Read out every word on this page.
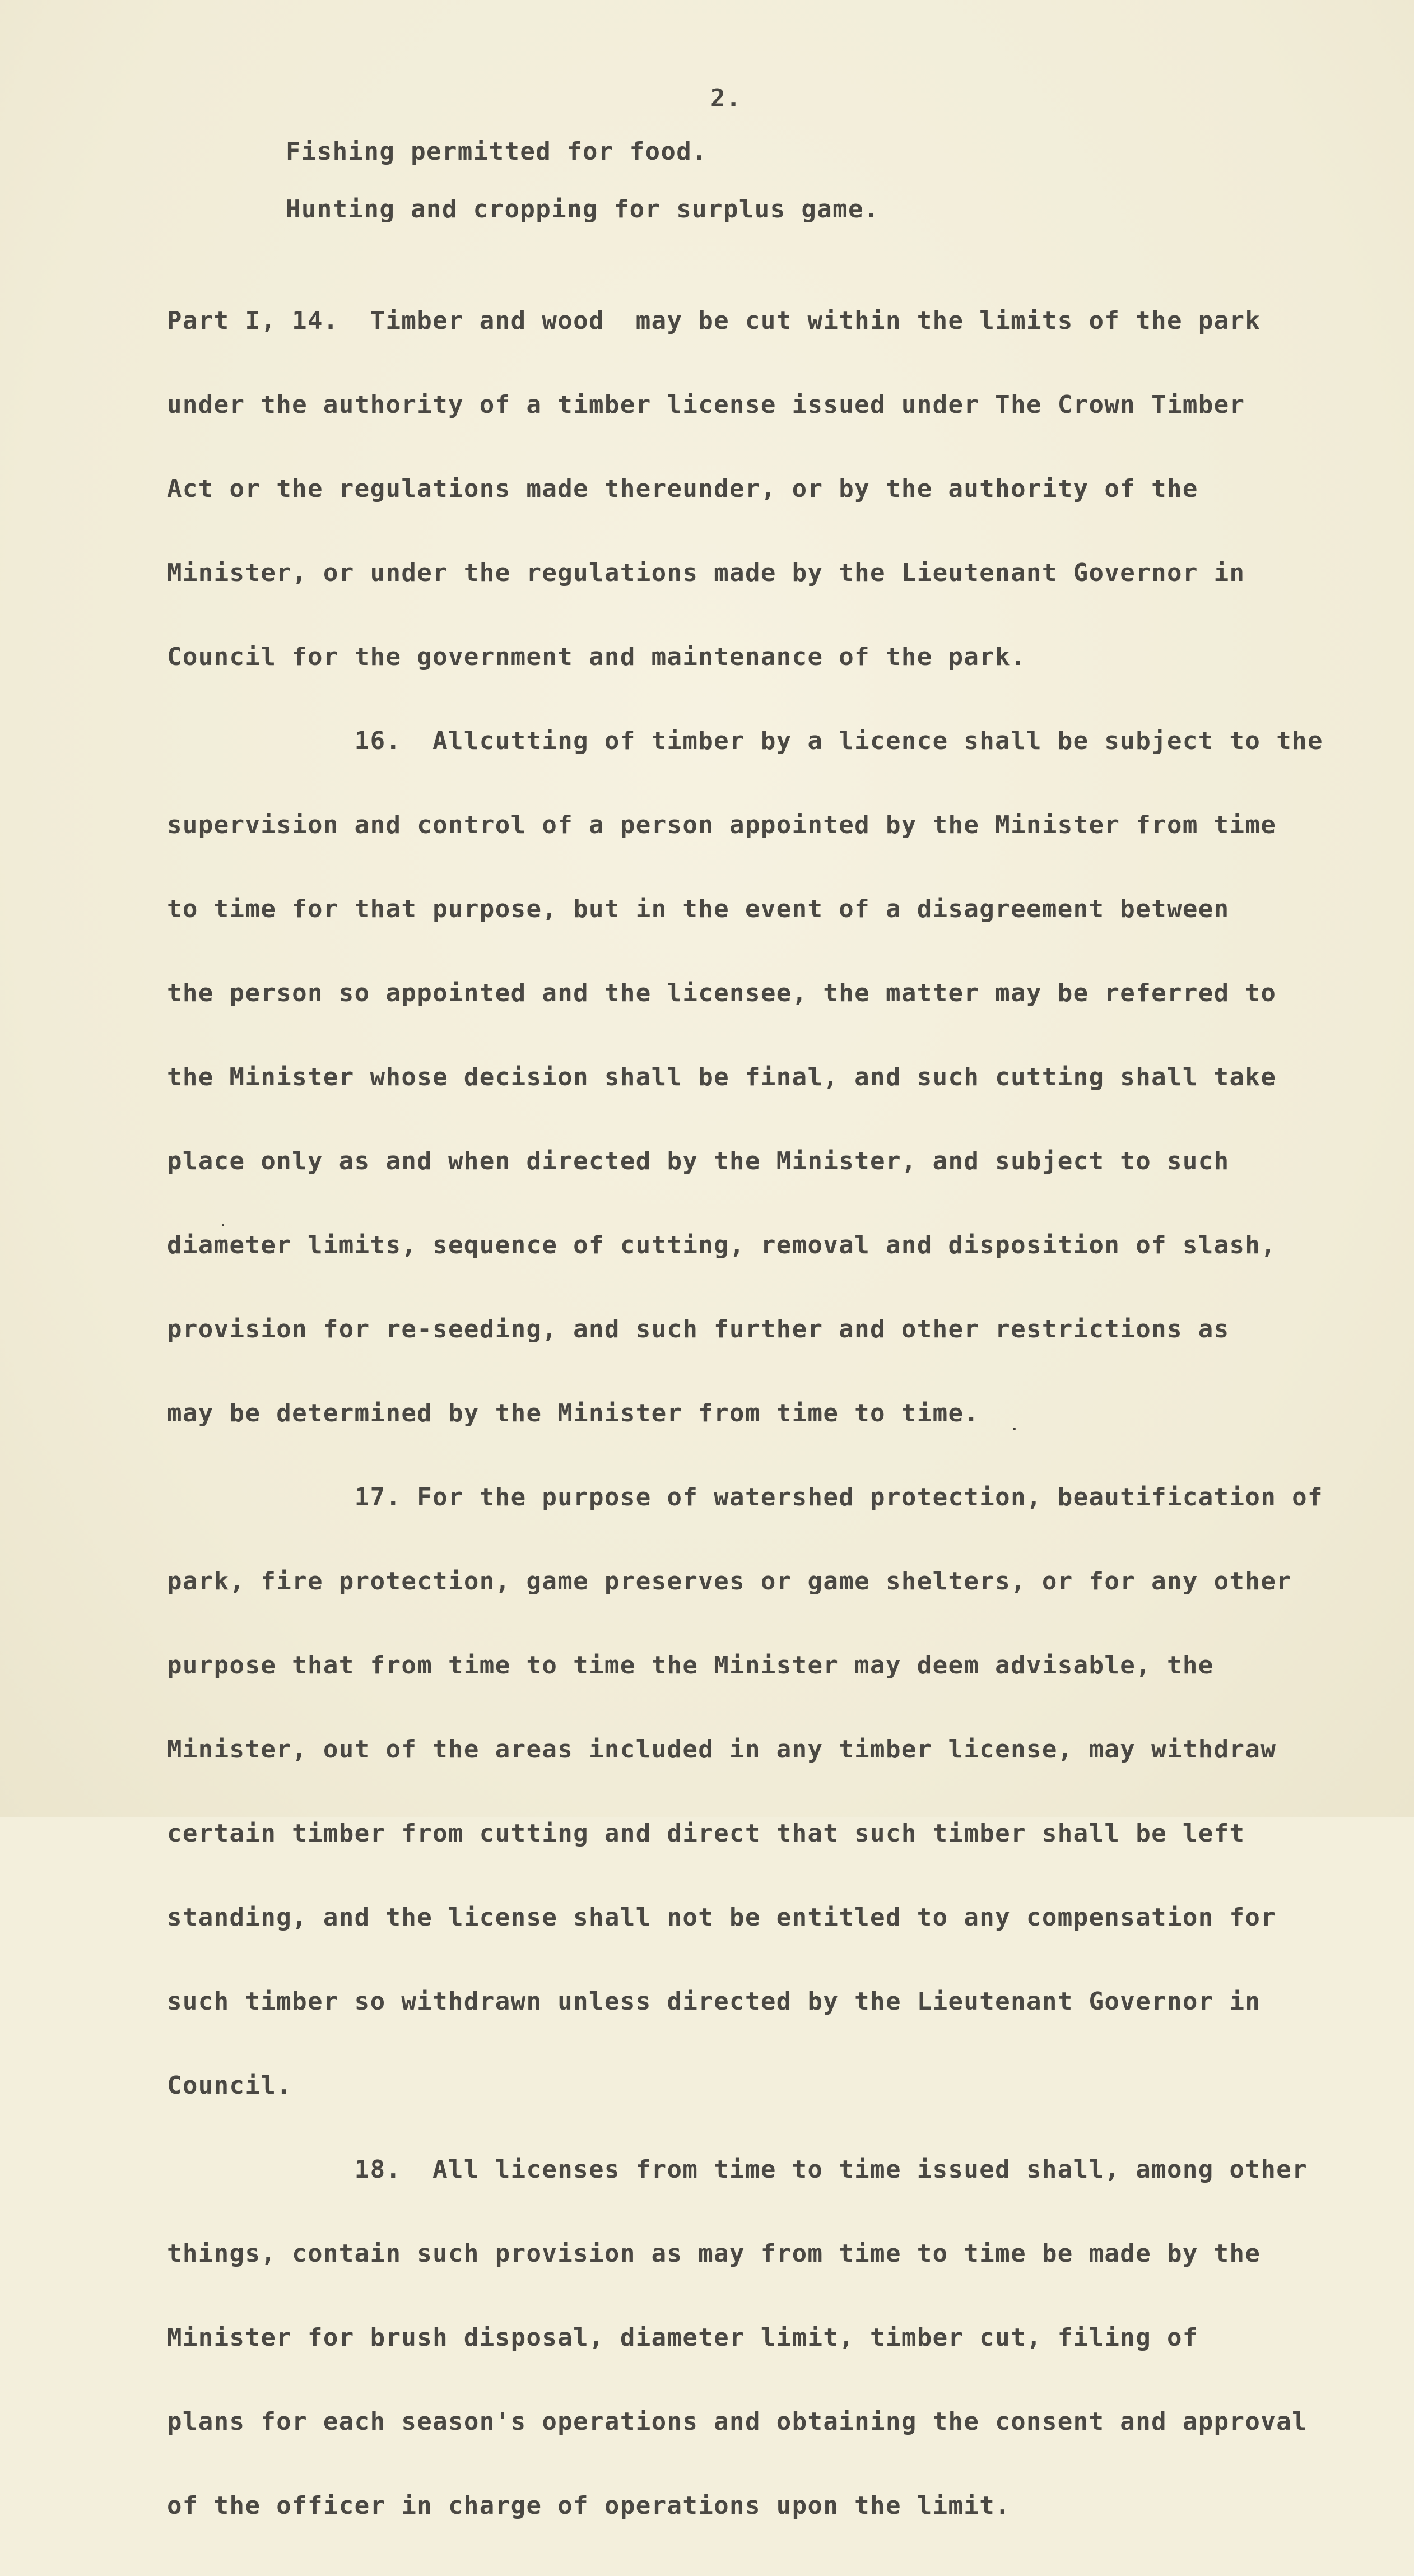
2.

Fishing permitted for food.

Hunting and cropping for surplus game.

Part I, 14.  Timber and wood  may be cut within the limits of the park

under the authority of a timber license issued under The Crown Timber

Act or the regulations made thereunder, or by the authority of the

Minister, or under the regulations made by the Lieutenant Governor in

Council for the government and maintenance of the park.

16.  Allcutting of timber by a licence shall be subject to the

supervision and control of a person appointed by the Minister from time

to time for that purpose, but in the event of a disagreement between

the person so appointed and the licensee, the matter may be referred to

the Minister whose decision shall be final, and such cutting shall take

place only as and when directed by the Minister, and subject to such

diameter limits, sequence of cutting, removal and disposition of slash,

provision for re-seeding, and such further and other restrictions as

may be determined by the Minister from time to time.

17. For the purpose of watershed protection, beautification of

park, fire protection, game preserves or game shelters, or for any other

purpose that from time to time the Minister may deem advisable, the

Minister, out of the areas included in any timber license, may withdraw

certain timber from cutting and direct that such timber shall be left

standing, and the license shall not be entitled to any compensation for

such timber so withdrawn unless directed by the Lieutenant Governor in

Council.

18.  All licenses from time to time issued shall, among other

things, contain such provision as may from time to time be made by the

Minister for brush disposal, diameter limit, timber cut, filing of

plans for each season's operations and obtaining the consent and approval

of the officer in charge of operations upon the limit.
